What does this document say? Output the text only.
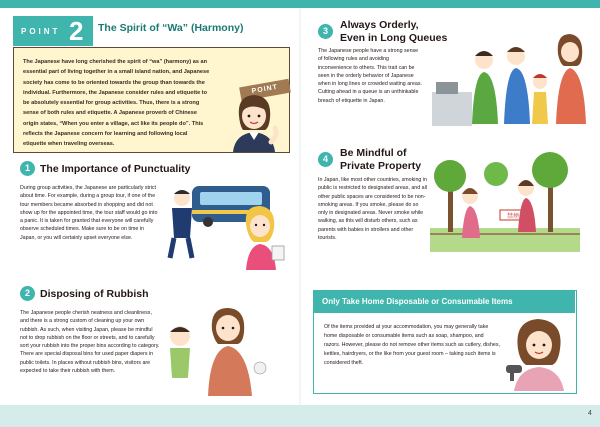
POINT 2 The Spirit of “Wa” (Harmony)
The Japanese have long cherished the spirit of “wa” (harmony) as an essential part of living together in a small island nation, and Japanese society has come to be oriented towards the group than towards the individual. Furthermore, the Japanese consider rules and etiquette to be absolutely essential for group activities. Thus, there is a strong sense of both rules and etiquette. A Japanese proverb of Chinese origin states, “When you enter a village, act like its people do”. This reflects the Japanese concern for learning and following local etiquette when traveling overseas.
POINT
1 The Importance of Punctuality
During group activities, the Japanese are particularly strict about time. For example, during a group tour, if one of the tour members became absorbed in shopping and did not show up for the appointed time, the tour staff would go into a panic. It is taken for granted that everyone will carefully observe scheduled times. Make sure to be on time in Japan, or you will certainly upset everyone else.
2 Disposing of Rubbish
The Japanese people cherish neatness and cleanliness, and there is a strong custom of cleaning up your own rubbish. As such, when visiting Japan, please be mindful not to drop rubbish on the floor or streets, and to carefully sort your rubbish into the proper bins according to category. There are special disposal bins for used paper diapers in public toilets. In places without rubbish bins, visitors are expected to take their rubbish with them.
3	Always Orderly,
Even in Long Queues
The Japanese people have a strong sense of following rules and avoiding inconvenience to others. This trait can be seen in the orderly behavior of Japanese when in long lines or crowded waiting areas. Cutting ahead in a queue is an unthinkable breach of etiquette in Japan.
4	Be Mindful of
Private Property
In Japan, like most other countries, smoking in public is restricted to designated areas, and all other public spaces are considered to be non-smoking areas. If you smoke, please do so only in designated areas. Never smoke while walking, as this will disturb others, such as parents with babies in strollers and other tourists.
禁煙
Only Take Home Disposable or Consumable Items
Of the items provided at your accommodation, you may generally take home disposable or consumable items such as soap, shampoo, and razors. However, please do not remove other items such as cutlery, dishes, kettles, hairdryers, or the like from your guest room – taking such items is considered theft.
4
